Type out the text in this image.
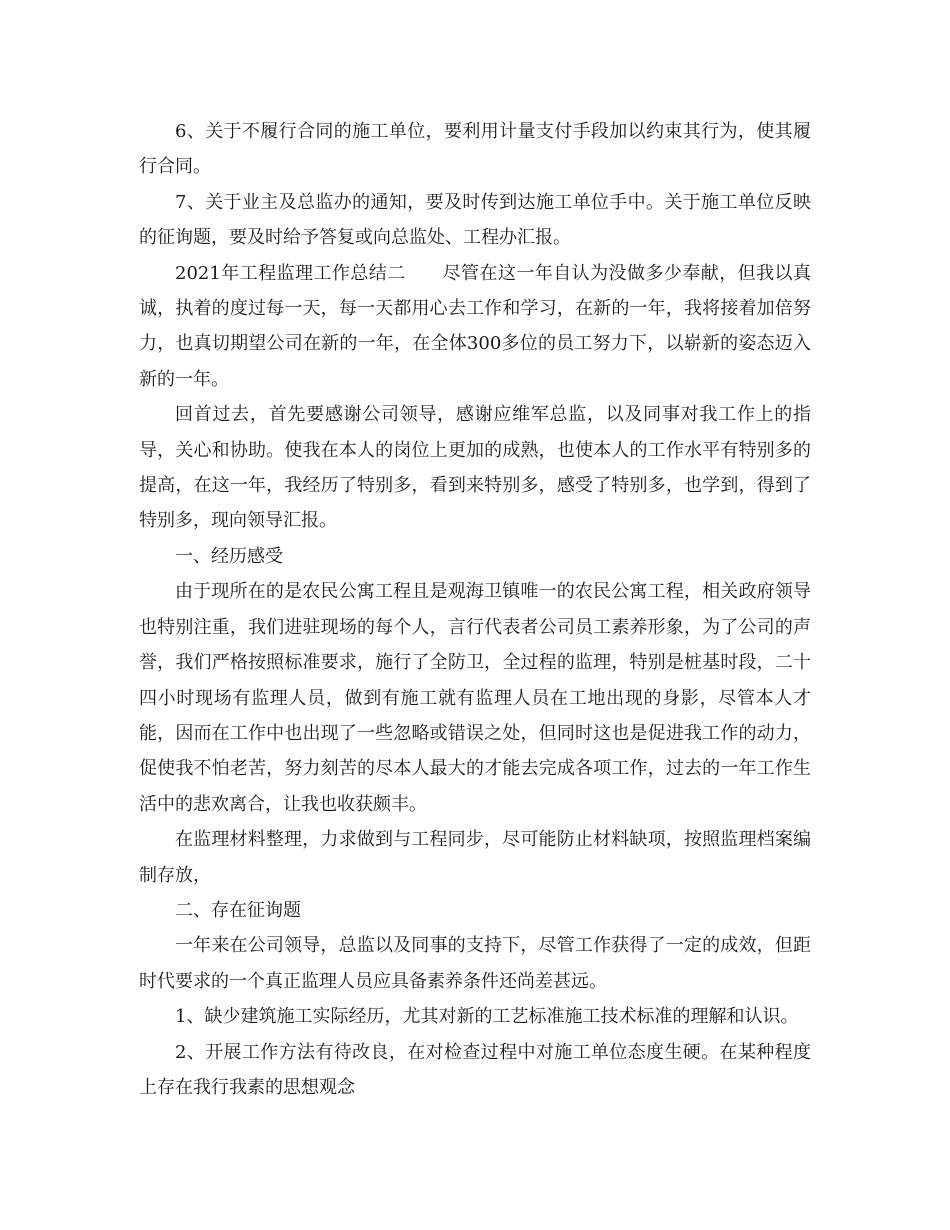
6、关于不履行合同的施工单位，要利用计量支付手段加以约束其行为，使其履行合同。

7、关于业主及总监办的通知，要及时传到达施工单位手中。关于施工单位反映的征询题，要及时给予答复或向总监处、工程办汇报。

2021年工程监理工作总结二　　尽管在这一年自认为没做多少奉献，但我以真诚，执着的度过每一天，每一天都用心去工作和学习，在新的一年，我将接着加倍努力，也真切期望公司在新的一年，在全体300多位的员工努力下，以崭新的姿态迈入新的一年。

回首过去，首先要感谢公司领导，感谢应维军总监，以及同事对我工作上的指导，关心和协助。使我在本人的岗位上更加的成熟，也使本人的工作水平有特别多的提高，在这一年，我经历了特别多，看到来特别多，感受了特别多，也学到，得到了特别多，现向领导汇报。

一、经历感受

由于现所在的是农民公寓工程且是观海卫镇唯一的农民公寓工程，相关政府领导也特别注重，我们进驻现场的每个人，言行代表者公司员工素养形象，为了公司的声誉，我们严格按照标准要求，施行了全防卫，全过程的监理，特别是桩基时段，二十四小时现场有监理人员，做到有施工就有监理人员在工地出现的身影，尽管本人才能，因而在工作中也出现了一些忽略或错误之处，但同时这也是促进我工作的动力，促使我不怕老苦，努力刻苦的尽本人最大的才能去完成各项工作，过去的一年工作生活中的悲欢离合，让我也收获颇丰。

在监理材料整理，力求做到与工程同步，尽可能防止材料缺项，按照监理档案编制存放，

二、存在征询题

一年来在公司领导，总监以及同事的支持下，尽管工作获得了一定的成效，但距时代要求的一个真正监理人员应具备素养条件还尚差甚远。

1、缺少建筑施工实际经历，尤其对新的工艺标准施工技术标准的理解和认识。

2、开展工作方法有待改良，在对检查过程中对施工单位态度生硬。在某种程度上存在我行我素的思想观念
